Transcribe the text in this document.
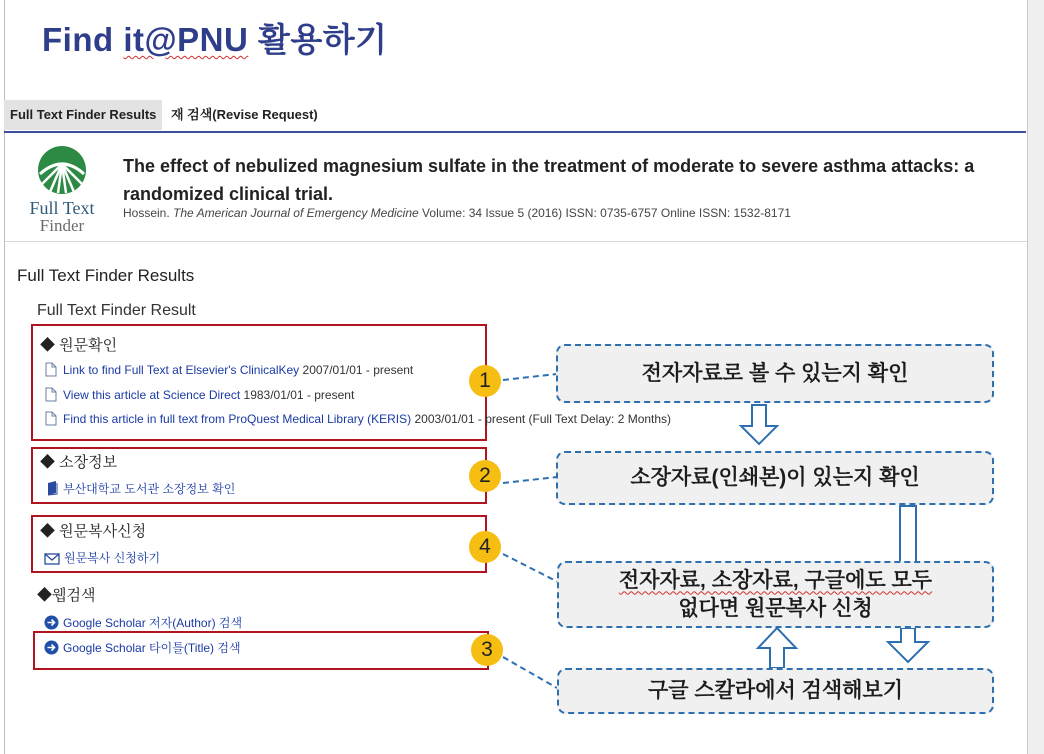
Find it@PNU 활용하기
Full Text Finder Results	재 검색(Revise Request)
Full Text
Finder
The effect of nebulized magnesium sulfate in the treatment of moderate to severe asthma attacks: a randomized clinical trial.
Hossein. The American Journal of Emergency Medicine Volume: 34 Issue 5 (2016) ISSN: 0735-6757 Online ISSN: 1532-8171
Full Text Finder Results
Full Text Finder Result
◆ 원문확인
Link to find Full Text at Elsevier's ClinicalKey 2007/01/01 - present
View this article at Science Direct 1983/01/01 - present
Find this article in full text from ProQuest Medical Library (KERIS) 2003/01/01 - present (Full Text Delay: 2 Months)
◆ 소장정보
부산대학교 도서관 소장정보 확인
◆ 원문복사신청
원문복사 신청하기
◆웹검색
Google Scholar 저자(Author) 검색
Google Scholar 타이틀(Title) 검색
1
2
4
3
전자자료로 볼 수 있는지 확인
소장자료(인쇄본)이 있는지 확인
전자자료, 소장자료, 구글에도 모두
없다면 원문복사 신청
구글 스칼라에서 검색해보기
